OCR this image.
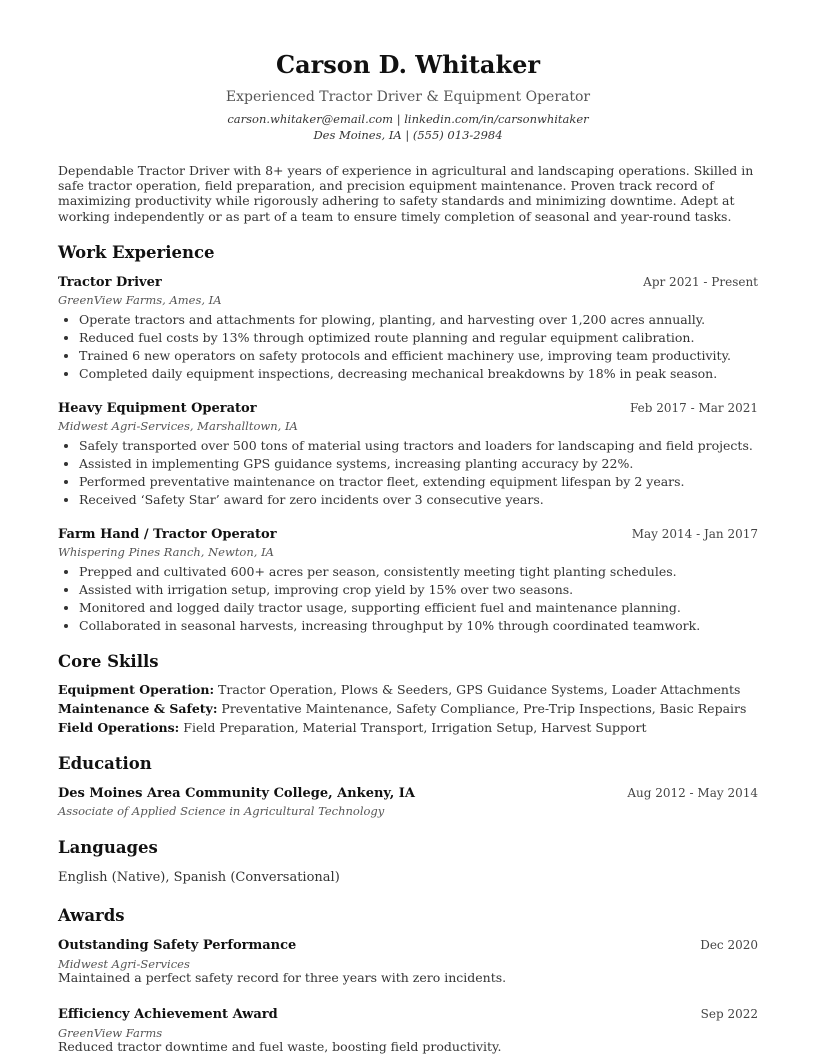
Carson D. Whitaker
Experienced Tractor Driver & Equipment Operator
carson.whitaker@email.com | linkedin.com/in/carsonwhitaker
Des Moines, IA | (555) 013-2984

Dependable Tractor Driver with 8+ years of experience in agricultural and landscaping operations. Skilled in safe tractor operation, field preparation, and precision equipment maintenance. Proven track record of maximizing productivity while rigorously adhering to safety standards and minimizing downtime. Adept at working independently or as part of a team to ensure timely completion of seasonal and year-round tasks.

Work Experience
Tractor Driver	Apr 2021 - Present
GreenView Farms, Ames, IA
• Operate tractors and attachments for plowing, planting, and harvesting over 1,200 acres annually.
• Reduced fuel costs by 13% through optimized route planning and regular equipment calibration.
• Trained 6 new operators on safety protocols and efficient machinery use, improving team productivity.
• Completed daily equipment inspections, decreasing mechanical breakdowns by 18% in peak season.
Heavy Equipment Operator	Feb 2017 - Mar 2021
Midwest Agri-Services, Marshalltown, IA
• Safely transported over 500 tons of material using tractors and loaders for landscaping and field projects.
• Assisted in implementing GPS guidance systems, increasing planting accuracy by 22%.
• Performed preventative maintenance on tractor fleet, extending equipment lifespan by 2 years.
• Received ‘Safety Star’ award for zero incidents over 3 consecutive years.
Farm Hand / Tractor Operator	May 2014 - Jan 2017
Whispering Pines Ranch, Newton, IA
• Prepped and cultivated 600+ acres per season, consistently meeting tight planting schedules.
• Assisted with irrigation setup, improving crop yield by 15% over two seasons.
• Monitored and logged daily tractor usage, supporting efficient fuel and maintenance planning.
• Collaborated in seasonal harvests, increasing throughput by 10% through coordinated teamwork.
Core Skills
Equipment Operation: Tractor Operation, Plows & Seeders, GPS Guidance Systems, Loader Attachments
Maintenance & Safety: Preventative Maintenance, Safety Compliance, Pre-Trip Inspections, Basic Repairs
Field Operations: Field Preparation, Material Transport, Irrigation Setup, Harvest Support
Education
Des Moines Area Community College, Ankeny, IA	Aug 2012 - May 2014
Associate of Applied Science in Agricultural Technology
Languages
English (Native), Spanish (Conversational)
Awards
Outstanding Safety Performance	Dec 2020
Midwest Agri-Services
Maintained a perfect safety record for three years with zero incidents.
Efficiency Achievement Award	Sep 2022
GreenView Farms
Reduced tractor downtime and fuel waste, boosting field productivity.
